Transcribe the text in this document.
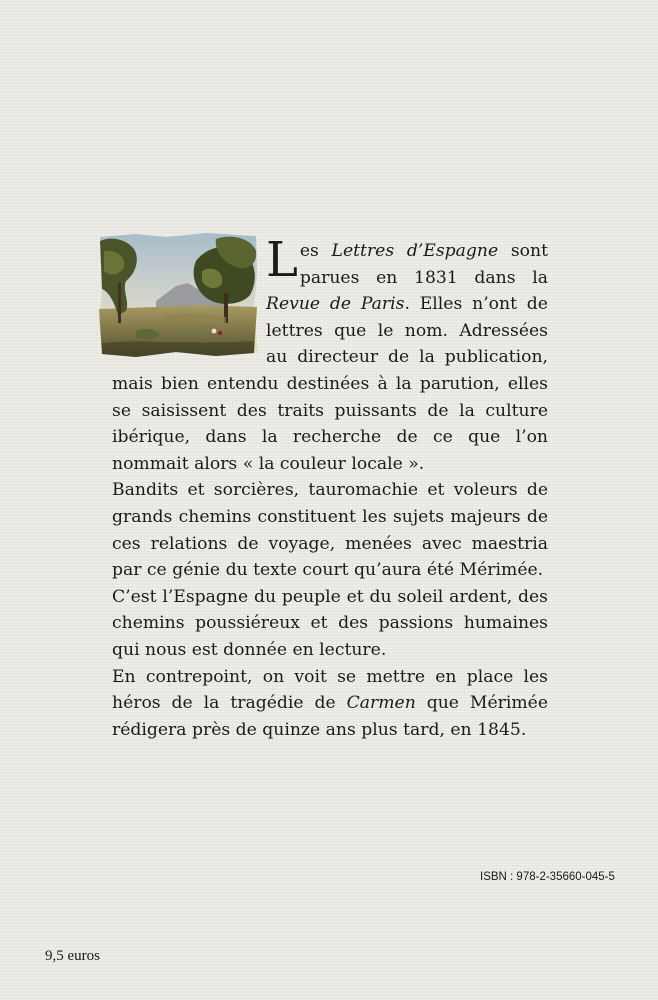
L es Lettres d’Espagne sont parues en 1831 dans la Revue de Paris. Elles n’ont de lettres que le nom. Adressées au directeur de la publication, mais bien entendu destinées à la parution, elles se saisissent des traits puissants de la culture ibérique, dans la recherche de ce que l’on nommait alors « la couleur locale ».

Bandits et sorcières, tauromachie et voleurs de grands chemins constituent les sujets majeurs de ces relations de voyage, menées avec maestria par ce génie du texte court qu’aura été Mérimée.

C’est l’Espagne du peuple et du soleil ardent, des chemins poussiéreux et des passions humaines qui nous est donnée en lecture.

En contrepoint, on voit se mettre en place les héros de la tragédie de Carmen que Mérimée rédigera près de quinze ans plus tard, en 1845.

ISBN : 978-2-35660-045-5
9,5 euros
